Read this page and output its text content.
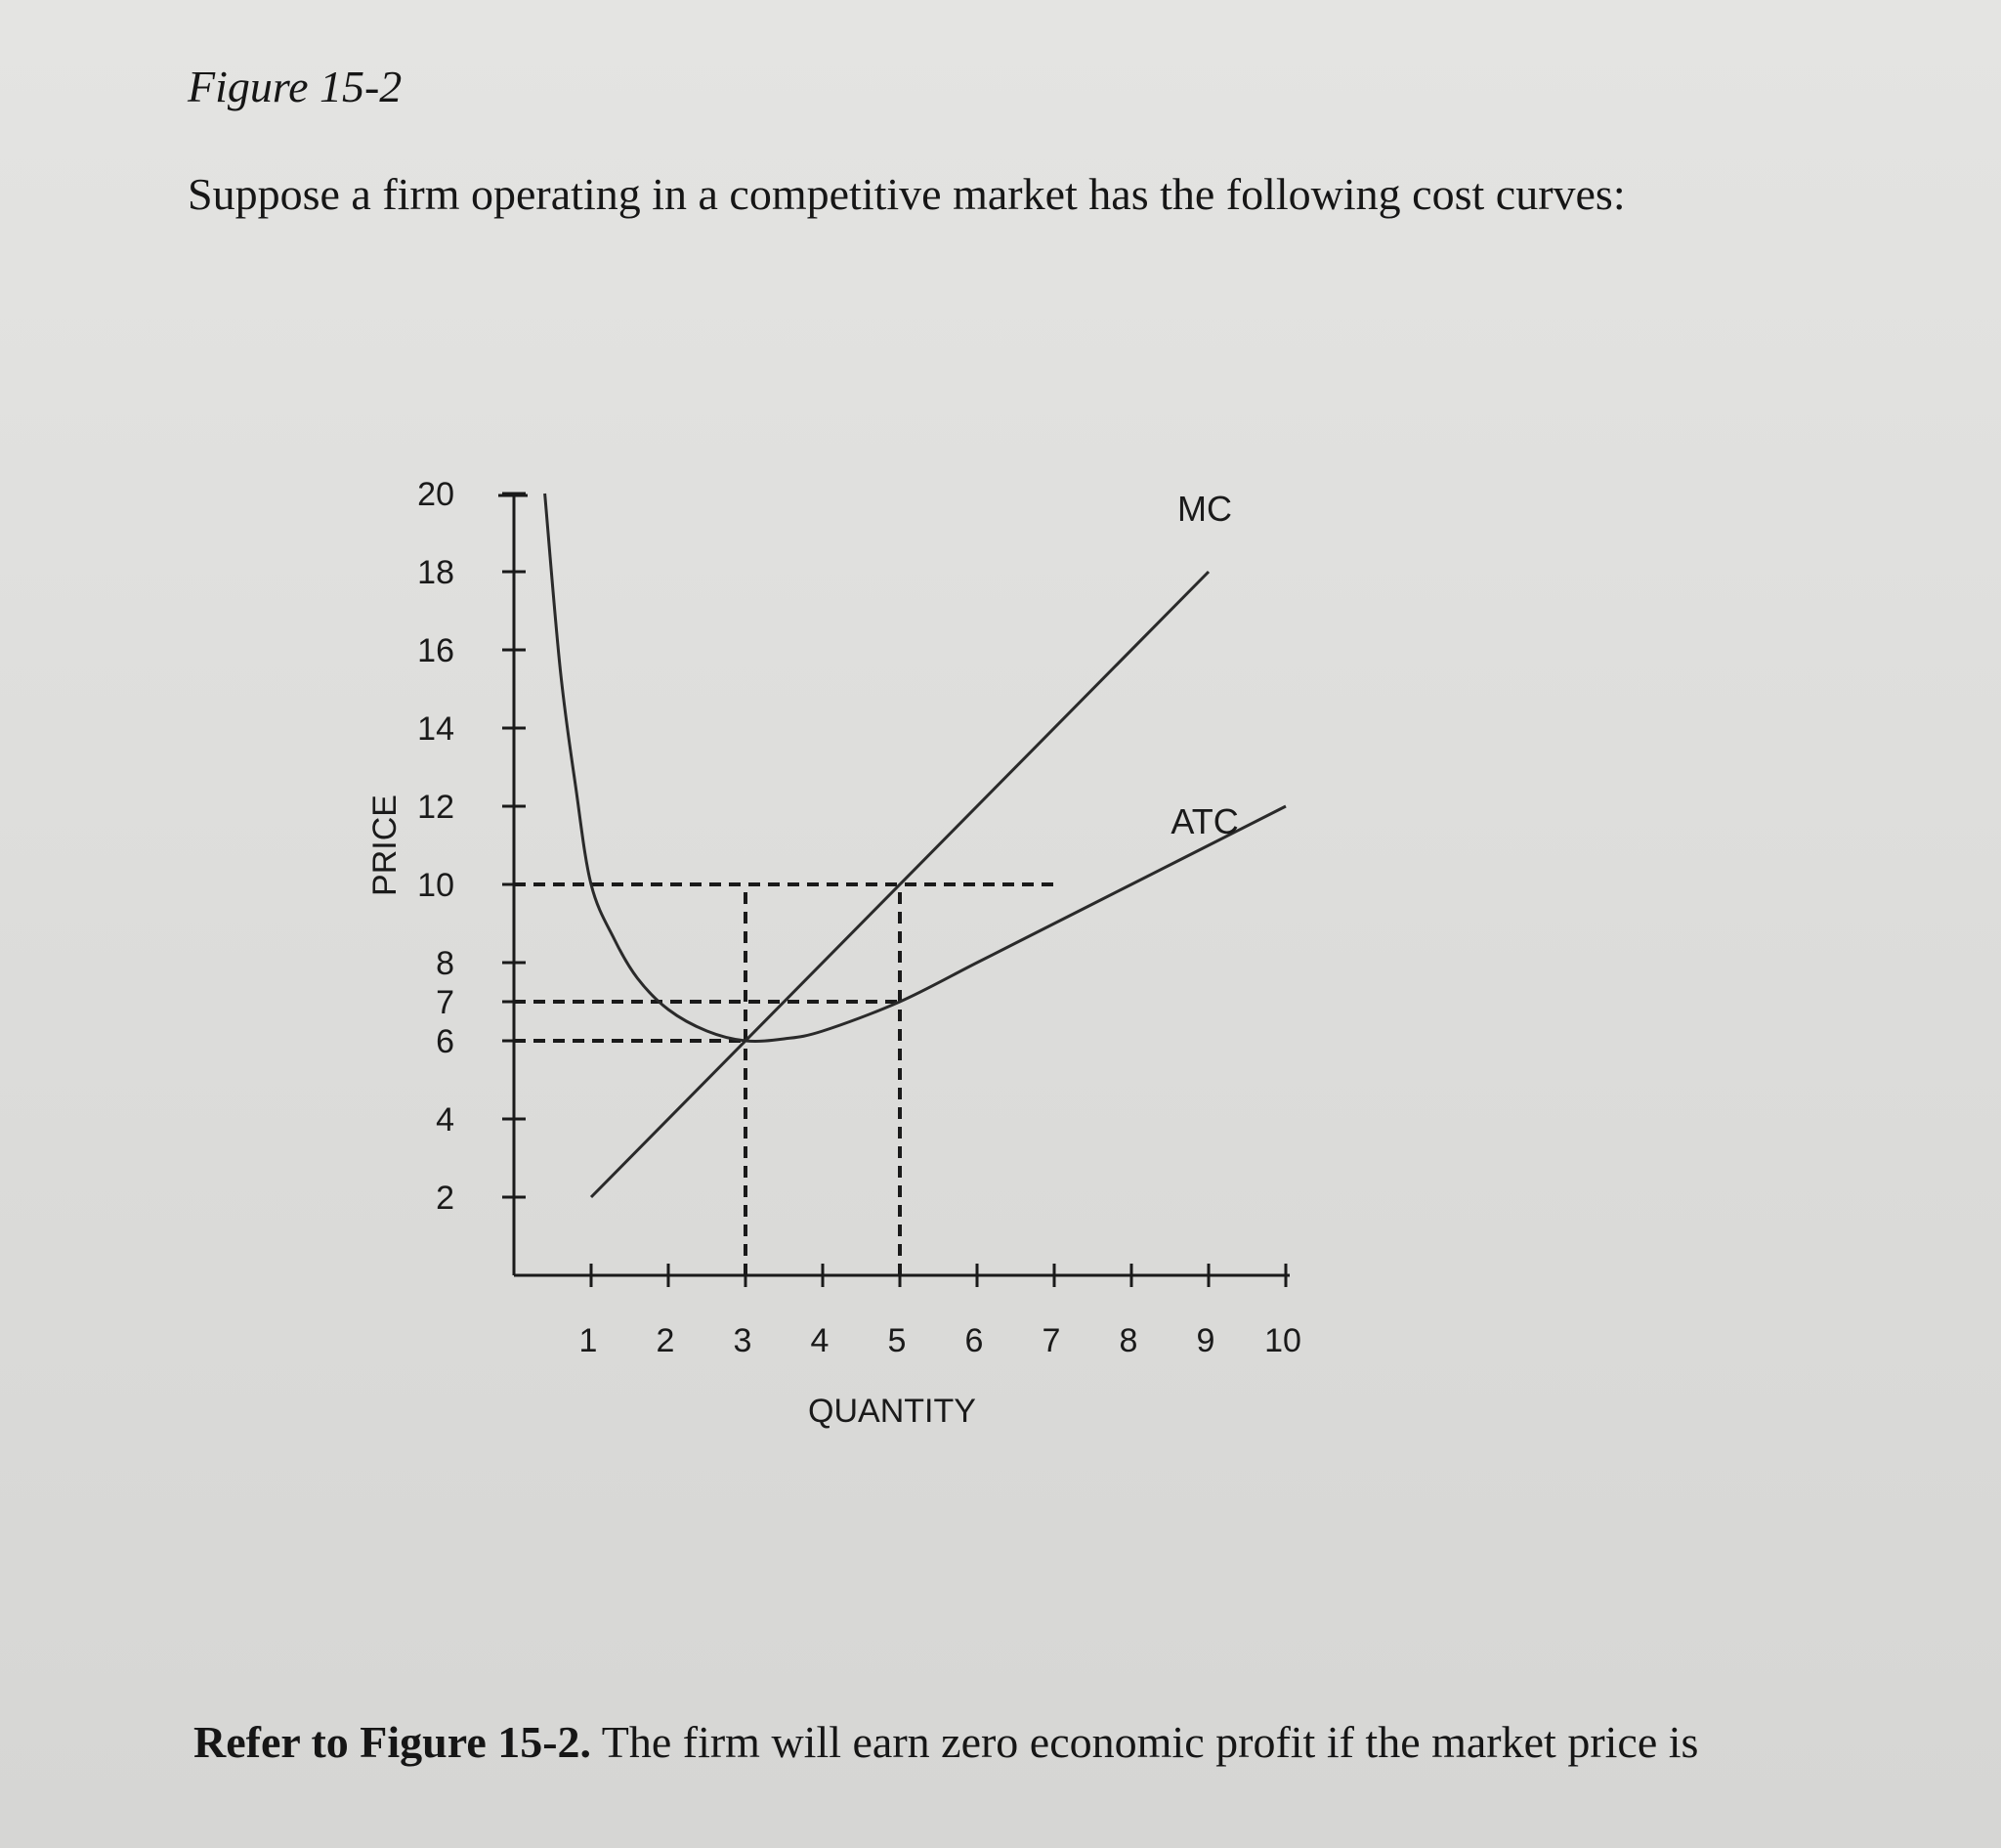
Figure 15-2
Suppose a firm operating in a competitive market has the following cost curves:
2
4
6
7
8
10
12
14
16
18
20
1 2 3 4 5 6 7 8 9 10
QUANTITY
PRICE
MC
ATC
Refer to Figure 15-2. The firm will earn zero economic profit if the market price is
